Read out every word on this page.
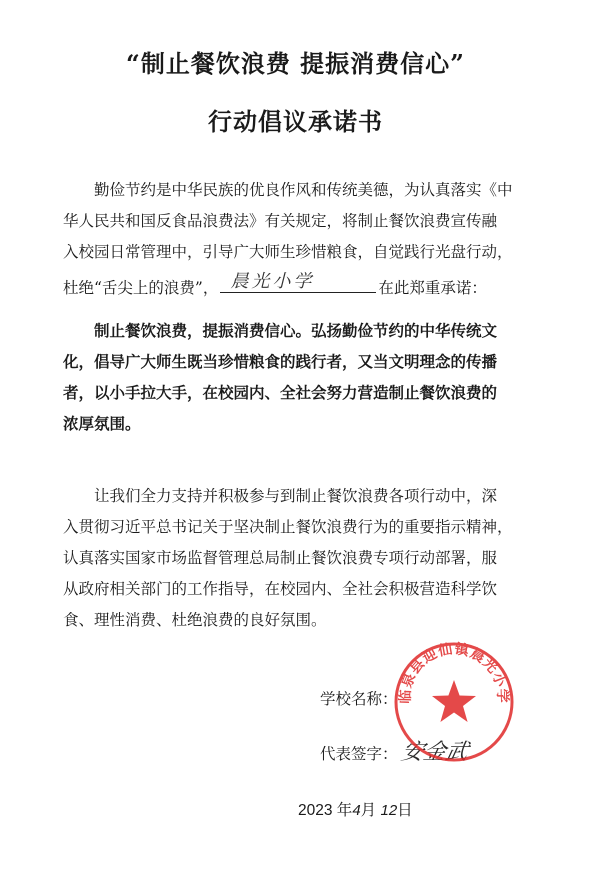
“制止餐饮浪费 提振消费信心”
行动倡议承诺书
勤俭节约是中华民族的优良作风和传统美德，为认真落实《中
华人民共和国反食品浪费法》有关规定，将制止餐饮浪费宣传融
入校园日常管理中，引导广大师生珍惜粮食，自觉践行光盘行动，
杜绝“舌尖上的浪费”， 晨光小学	在此郑重承诺：
制止餐饮浪费，提振消费信心。弘扬勤俭节约的中华传统文
化，倡导广大师生既当珍惜粮食的践行者，又当文明理念的传播
者，以小手拉大手，在校园内、全社会努力营造制止餐饮浪费的
浓厚氛围。
让我们全力支持并积极参与到制止餐饮浪费各项行动中，深
入贯彻习近平总书记关于坚决制止餐饮浪费行为的重要指示精神，
认真落实国家市场监督管理总局制止餐饮浪费专项行动部署，服
从政府相关部门的工作指导，在校园内、全社会积极营造科学饮
食、理性消费、杜绝浪费的良好氛围。
学校名称：
代表签字：安金武
临泉县迎仙镇晨光小学
2023 年4月 12日
